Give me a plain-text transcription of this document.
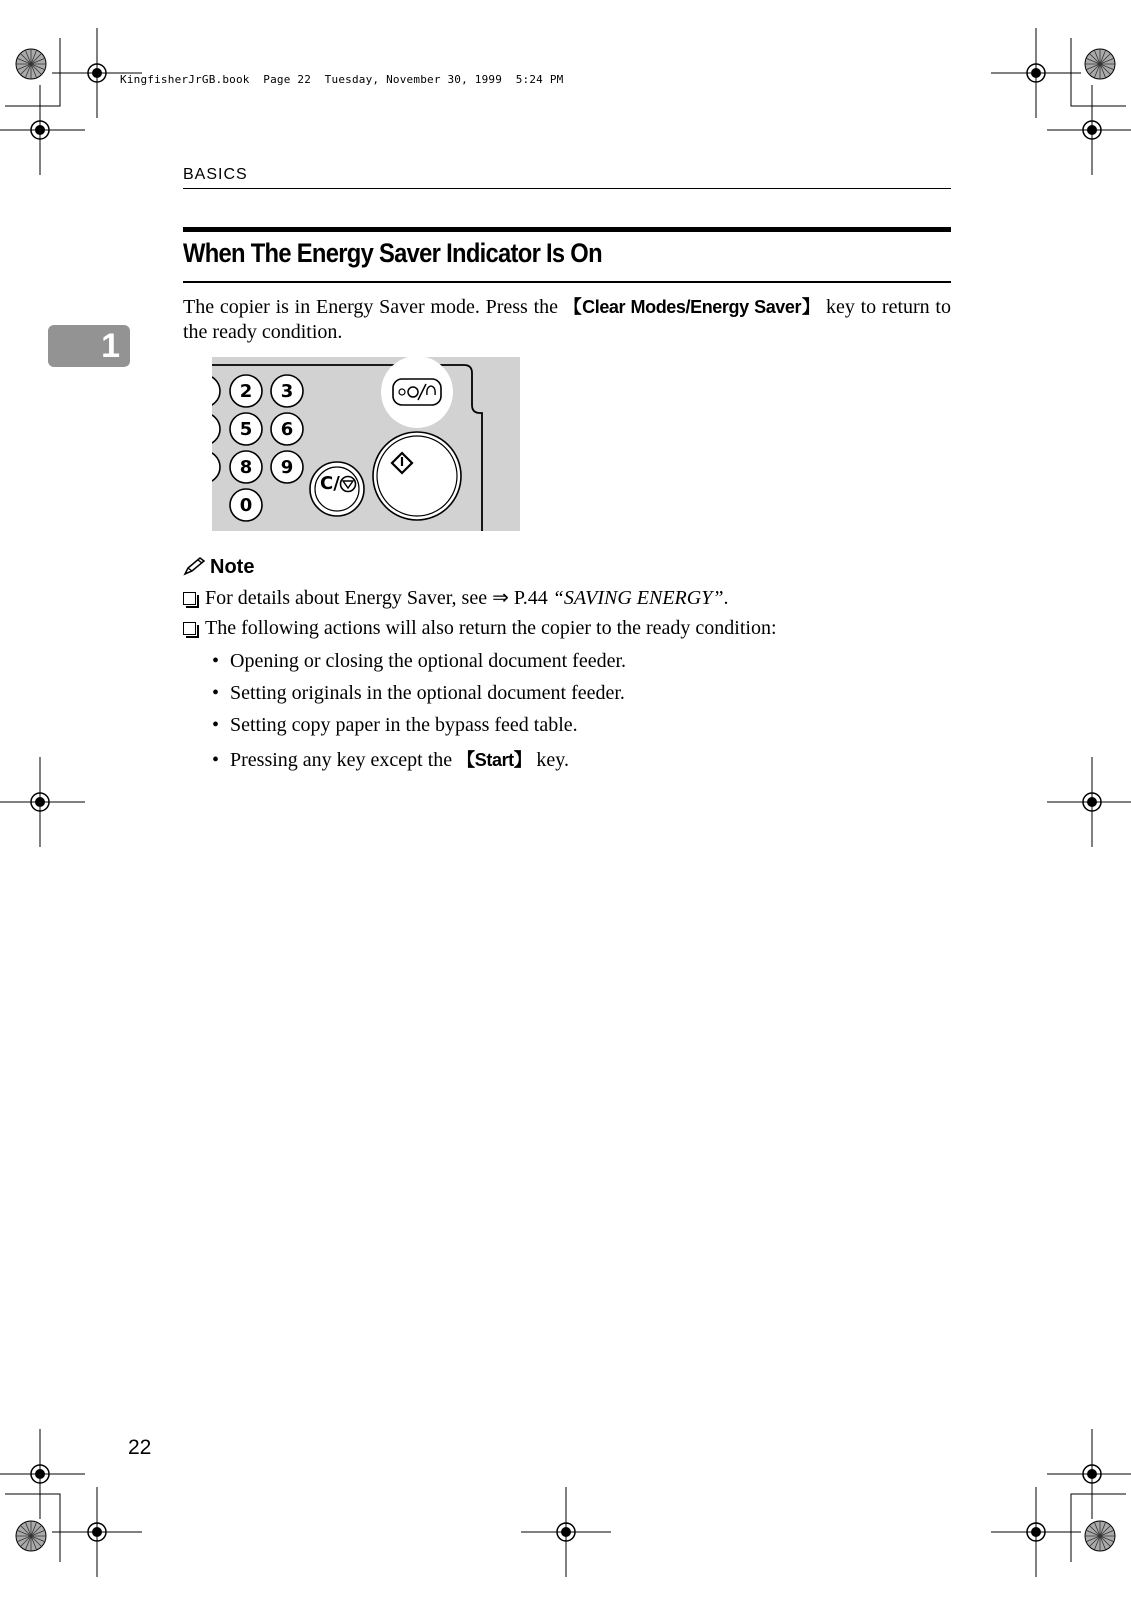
KingfisherJrGB.book  Page 22  Tuesday, November 30, 1999  5:24 PM
BASICS
When The Energy Saver Indicator Is On
1
The copier is in Energy Saver mode. Press the 【Clear Modes/Energy Saver】 key to return to the ready condition.
2 3
5 6
8 9
0
C/
Note
For details about Energy Saver, see ⇒ P.44 “SAVING ENERGY”.
The following actions will also return the copier to the ready condition:
• Opening or closing the optional document feeder.
• Setting originals in the optional document feeder.
• Setting copy paper in the bypass feed table.
• Pressing any key except the 【Start】 key.
22
